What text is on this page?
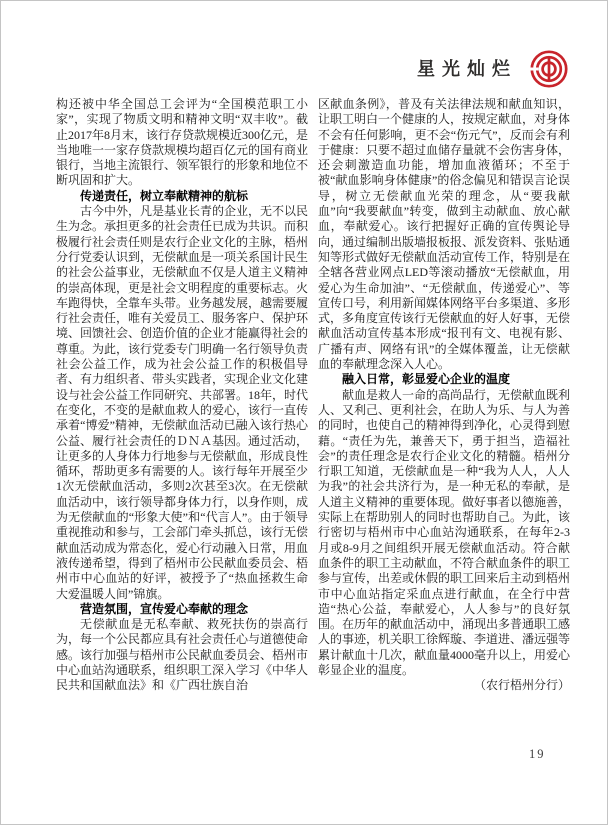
星光灿烂

构还被中华全国总工会评为“全国模范职工小家”，实现了物质文明和精神文明“双丰收”。截止2017年8月末，该行存贷款规模近300亿元，是当地唯一一家存贷款规模均超百亿元的国有商业银行，当地主流银行、领军银行的形象和地位不断巩固和扩大。

传递责任，树立奉献精神的航标

古今中外，凡是基业长青的企业，无不以民生为念。承担更多的社会责任已成为共识。而积极履行社会责任则是农行企业文化的主脉，梧州分行党委认识到，无偿献血是一项关系国计民生的社会公益事业，无偿献血不仅是人道主义精神的崇高体现，更是社会文明程度的重要标志。火车跑得快，全靠车头带。业务越发展，越需要履行社会责任，唯有关爱员工、服务客户、保护环境、回馈社会、创造价值的企业才能赢得社会的尊重。为此，该行党委专门明确一名行领导负责社会公益工作，成为社会公益工作的积极倡导者、有力组织者、带头实践者，实现企业文化建设与社会公益工作同研究、共部署。18年，时代在变化，不变的是献血救人的爱心，该行一直传承着“博爱”精神，无偿献血活动已融入该行热心公益、履行社会责任的ＤＮＡ基因。通过活动，让更多的人身体力行地参与无偿献血，形成良性循环，帮助更多有需要的人。该行每年开展至少1次无偿献血活动，多则2次甚至3次。在无偿献血活动中，该行领导都身体力行，以身作则，成为无偿献血的“形象大使”和“代言人”。由于领导重视推动和参与，工会部门牵头抓总，该行无偿献血活动成为常态化，爱心行动融入日常，用血液传递希望，得到了梧州市公民献血委员会、梧州市中心血站的好评，被授予了“热血拯救生命 大爱温暖人间”锦旗。

营造氛围，宣传爱心奉献的理念

无偿献血是无私奉献、救死扶伤的崇高行为，每一个公民都应具有社会责任心与道德使命感。该行加强与梧州市公民献血委员会、梧州市中心血站沟通联系，组织职工深入学习《中华人民共和国献血法》和《广西壮族自治

区献血条例》，普及有关法律法规和献血知识，让职工明白一个健康的人，按规定献血，对身体不会有任何影响，更不会“伤元气”，反而会有利于健康：只要不超过血储存量就不会伤害身体，还会刺激造血功能，增加血液循环；不至于被“献血影响身体健康”的俗念偏见和错误言论误导，树立无偿献血光荣的理念，从“要我献血”向“我要献血”转变，做到主动献血、放心献血，奉献爱心。该行把握好正确的宣传舆论导向，通过编制出版墙报板报、派发资料、张贴通知等形式做好无偿献血活动宣传工作，特别是在全辖各营业网点LED等滚动播放“无偿献血，用爱心为生命加油”、“无偿献血，传递爱心”、等宣传口号，利用新闻媒体网络平台多渠道、多形式，多角度宣传该行无偿献血的好人好事，无偿献血活动宣传基本形成“报刊有文、电视有影、广播有声、网络有讯”的全媒体覆盖，让无偿献血的奉献理念深入人心。

融入日常，彰显爱心企业的温度

献血是救人一命的高尚品行，无偿献血既利人、又利己、更利社会，在助人为乐、与人为善的同时，也使自己的精神得到净化，心灵得到慰藉。“责任为先，兼善天下，勇于担当，造福社会”的责任理念是农行企业文化的精髓。梧州分行职工知道，无偿献血是一种“我为人人，人人为我”的社会共济行为，是一种无私的奉献，是人道主义精神的重要体现。做好事者以德施善，实际上在帮助别人的同时也帮助自己。为此，该行密切与梧州市中心血站沟通联系，在每年2-3月或8-9月之间组织开展无偿献血活动。符合献血条件的职工主动献血，不符合献血条件的职工参与宣传，出差或休假的职工回来后主动到梧州市中心血站指定采血点进行献血，在全行中营造“热心公益，奉献爱心，人人参与”的良好氛围。在历年的献血活动中，涌现出多普通职工感人的事迹，机关职工徐辉璇、李道进、潘远强等累计献血十几次，献血量4000毫升以上，用爱心彰显企业的温度。

（农行梧州分行）

19
